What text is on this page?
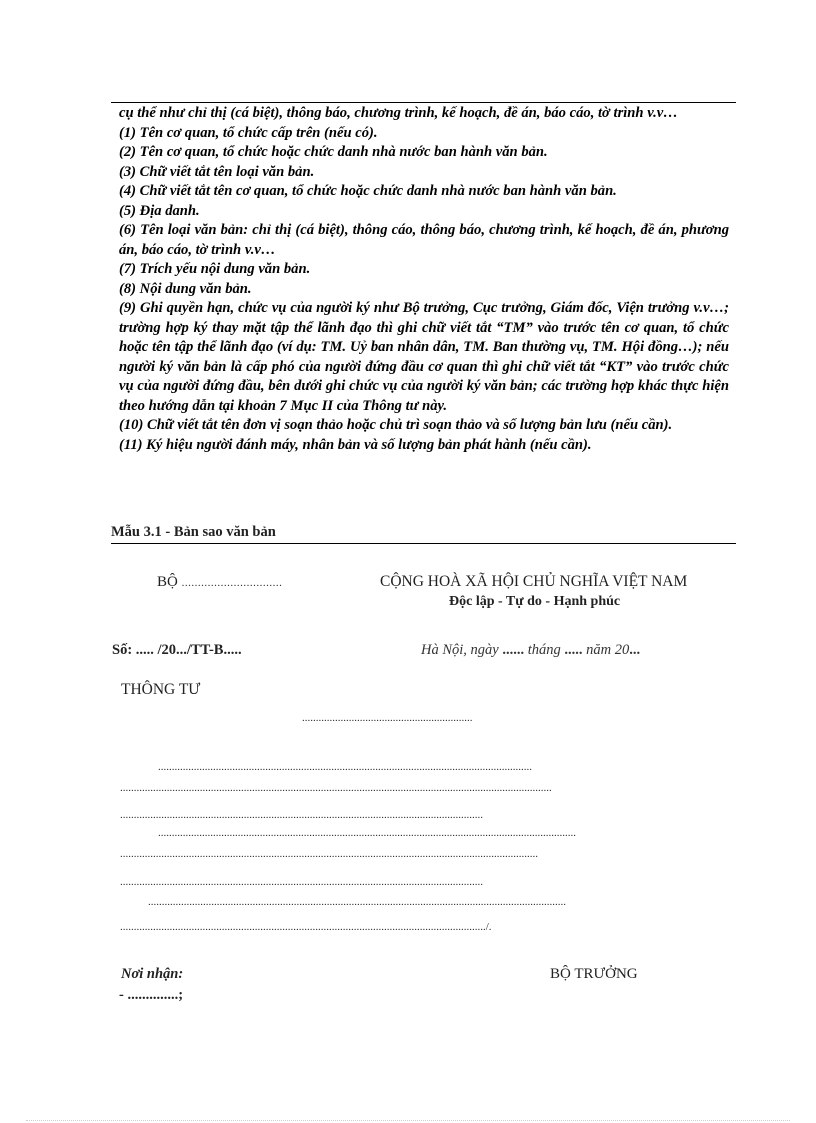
cụ thể như chỉ thị (cá biệt), thông báo, chương trình, kế hoạch, đề án, báo cáo, tờ trình v.v…

(1) Tên cơ quan, tổ chức cấp trên (nếu có).

(2) Tên cơ quan, tổ chức hoặc chức danh nhà nước ban hành văn bản.

(3) Chữ viết tắt tên loại văn bản.

(4) Chữ viết tắt tên cơ quan, tổ chức hoặc chức danh nhà nước ban hành văn bản.

(5) Địa danh.

(6) Tên loại văn bản: chỉ thị (cá biệt), thông cáo, thông báo, chương trình, kế hoạch, đề án, phương án, báo cáo, tờ trình v.v…

(7) Trích yếu nội dung văn bản.

(8) Nội dung văn bản.

(9) Ghi quyền hạn, chức vụ của người ký như Bộ trưởng, Cục trưởng, Giám đốc, Viện trưởng v.v…; trường hợp ký thay mặt tập thể lãnh đạo thì ghi chữ viết tắt “TM” vào trước tên cơ quan, tổ chức hoặc tên tập thể lãnh đạo (ví dụ: TM. Uỷ ban nhân dân, TM. Ban thường vụ, TM. Hội đồng…); nếu người ký văn bản là cấp phó của người đứng đầu cơ quan thì ghi chữ viết tắt “KT” vào trước chức vụ của người đứng đầu, bên dưới ghi chức vụ của người ký văn bản; các trường hợp khác thực hiện theo hướng dẫn tại khoản 7 Mục II của Thông tư này.

(10) Chữ viết tắt tên đơn vị soạn thảo hoặc chủ trì soạn thảo và số lượng bản lưu (nếu cần).

(11) Ký hiệu người đánh máy, nhân bản và số lượng bản phát hành (nếu cần).

Mẫu 3.1 - Bản sao văn bản
BỘ ...............................	CỘNG HOÀ XÃ HỘI CHỦ NGHĨA VIỆT NAM
Độc lập - Tự do - Hạnh phúc
Số: ..... /20.../TT-B.....	Hà Nội, ngày ...... tháng ..... năm 20...
THÔNG TƯ
..............................................................
........................................................................................................................................
.............................................................................................................................................................
....................................................................................................................................
........................................................................................................................................................
........................................................................................................................................................
....................................................................................................................................
........................................................................................................................................................
...................................................................................................................................../.
Nơi nhận:
- ..............;
BỘ TRƯỞNG
